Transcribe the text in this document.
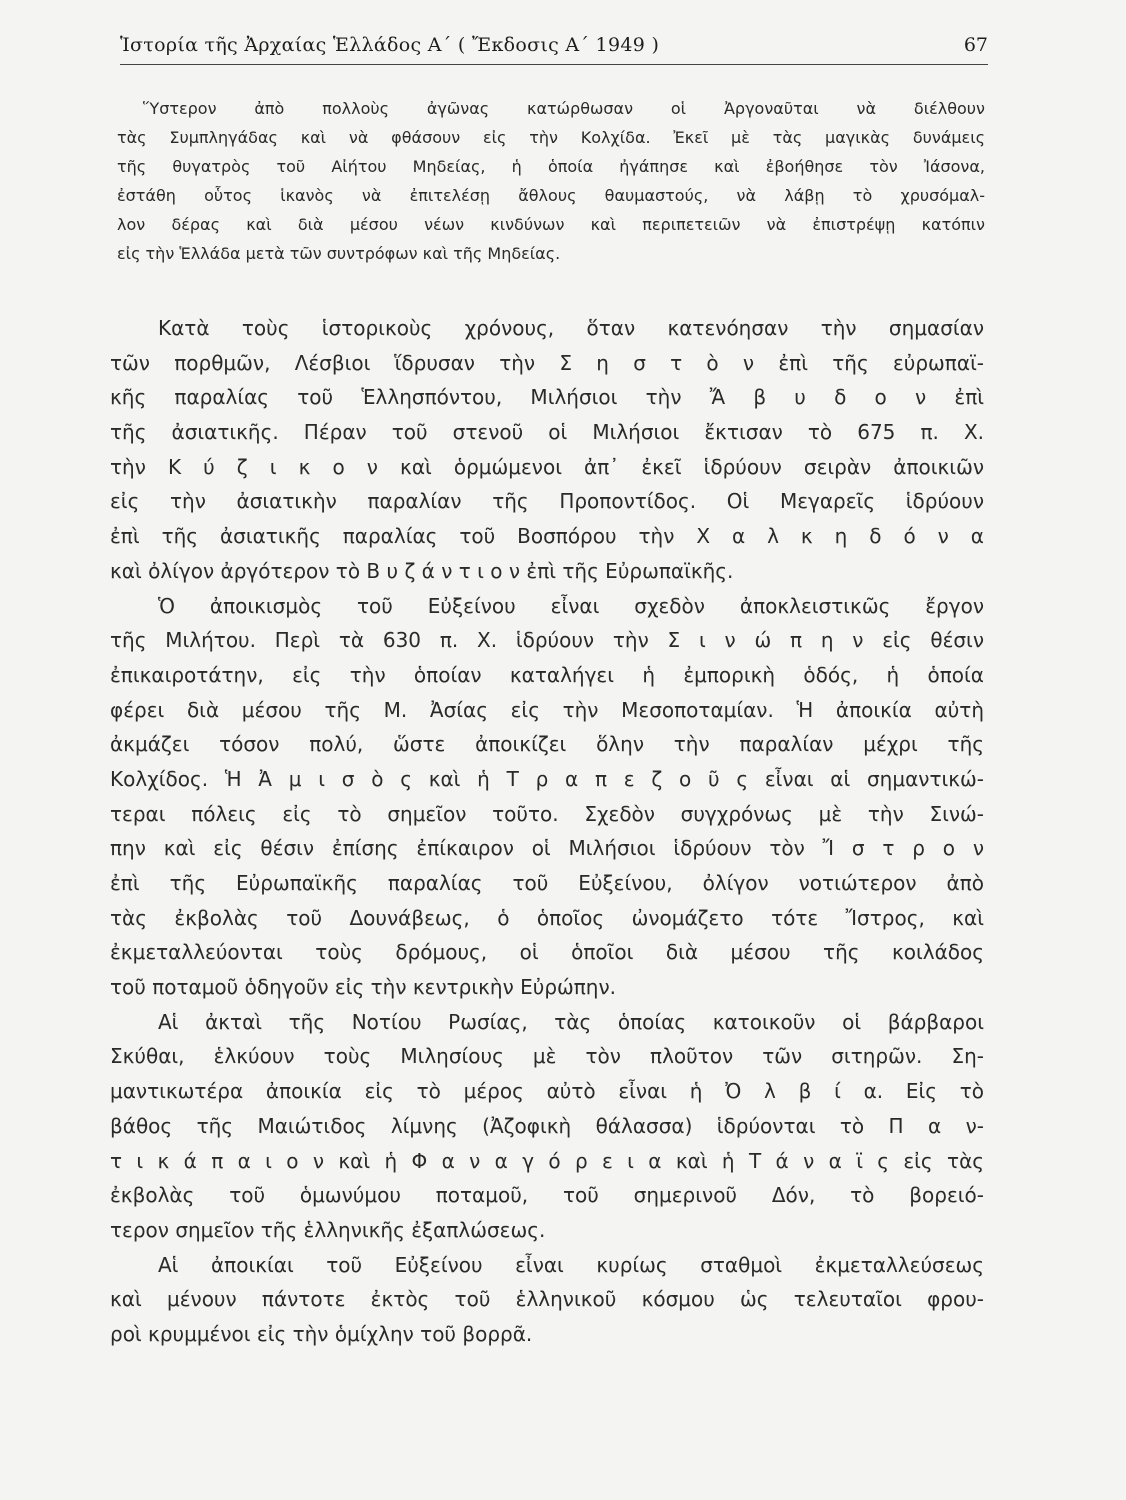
Ἱστορία τῆς Ἀρχαίας Ἑλλάδος Α΄ ( Ἔκδοσις Α΄ 1949 )	67
Ὕστερον ἀπὸ πολλοὺς ἀγῶνας κατώρθωσαν οἱ Ἀργοναῦται νὰ διέλθουν
τὰς Συμπληγάδας καὶ νὰ φθάσουν εἰς τὴν Κολχίδα. Ἐκεῖ μὲ τὰς μαγικὰς δυνάμεις
τῆς θυγατρὸς τοῦ Αἰήτου Μηδείας, ἡ ὁποία ἠγάπησε καὶ ἐβοήθησε τὸν Ἰάσονα,
ἐστάθη οὗτος ἱκανὸς νὰ ἐπιτελέσῃ ἄθλους θαυμαστούς, νὰ λάβῃ τὸ χρυσόμαλ-
λον δέρας καὶ διὰ μέσου νέων κινδύνων καὶ περιπετειῶν νὰ ἐπιστρέψῃ κατόπιν
εἰς τὴν Ἑλλάδα μετὰ τῶν συντρόφων καὶ τῆς Μηδείας.
Κατὰ τοὺς ἱστορικοὺς χρόνους, ὅταν κατενόησαν τὴν σημασίαν
τῶν πορθμῶν, Λέσβιοι ἵδρυσαν τὴν Σ η σ τ ὸ ν ἐπὶ τῆς εὐρωπαϊ-
κῆς παραλίας τοῦ Ἑλλησπόντου, Μιλήσιοι τὴν Ἄ β υ δ ο ν ἐπὶ
τῆς ἀσιατικῆς. Πέραν τοῦ στενοῦ οἱ Μιλήσιοι ἔκτισαν τὸ 675 π. Χ.
τὴν Κ ύ ζ ι κ ο ν καὶ ὁρμώμενοι ἀπ᾽ ἐκεῖ ἱδρύουν σειρὰν ἀποικιῶν
εἰς τὴν ἀσιατικὴν παραλίαν τῆς Προποντίδος. Οἱ Μεγαρεῖς ἱδρύουν
ἐπὶ τῆς ἀσιατικῆς παραλίας τοῦ Βοσπόρου τὴν Χ α λ κ η δ ό ν α
καὶ ὀλίγον ἀργότερον τὸ Β υ ζ ά ν τ ι ο ν ἐπὶ τῆς Εὐρωπαϊκῆς.
Ὁ ἀποικισμὸς τοῦ Εὐξείνου εἶναι σχεδὸν ἀποκλειστικῶς ἔργον
τῆς Μιλήτου. Περὶ τὰ 630 π. Χ. ἱδρύουν τὴν Σ ι ν ώ π η ν εἰς θέσιν
ἐπικαιροτάτην, εἰς τὴν ὁποίαν καταλήγει ἡ ἐμπορικὴ ὁδός, ἡ ὁποία
φέρει διὰ μέσου τῆς Μ. Ἀσίας εἰς τὴν Μεσοποταμίαν. Ἡ ἀποικία αὐτὴ
ἀκμάζει τόσον πολύ, ὥστε ἀποικίζει ὅλην τὴν παραλίαν μέχρι τῆς
Κολχίδος. Ἡ Ἀ μ ι σ ὸ ς καὶ ἡ Τ ρ α π ε ζ ο ῦ ς εἶναι αἱ σημαντικώ-
τεραι πόλεις εἰς τὸ σημεῖον τοῦτο. Σχεδὸν συγχρόνως μὲ τὴν Σινώ-
πην καὶ εἰς θέσιν ἐπίσης ἐπίκαιρον οἱ Μιλήσιοι ἱδρύουν τὸν Ἴ σ τ ρ ο ν
ἐπὶ τῆς Εὐρωπαϊκῆς παραλίας τοῦ Εὐξείνου, ὀλίγον νοτιώτερον ἀπὸ
τὰς ἐκβολὰς τοῦ Δουνάβεως, ὁ ὁποῖος ὠνομάζετο τότε Ἴστρος, καὶ
ἐκμεταλλεύονται τοὺς δρόμους, οἱ ὁποῖοι διὰ μέσου τῆς κοιλάδος
τοῦ ποταμοῦ ὁδηγοῦν εἰς τὴν κεντρικὴν Εὐρώπην.
Αἱ ἀκταὶ τῆς Νοτίου Ρωσίας, τὰς ὁποίας κατοικοῦν οἱ βάρβαροι
Σκύθαι, ἑλκύουν τοὺς Μιλησίους μὲ τὸν πλοῦτον τῶν σιτηρῶν. Ση-
μαντικωτέρα ἀποικία εἰς τὸ μέρος αὐτὸ εἶναι ἡ Ὀ λ β ί α. Εἰς τὸ
βάθος τῆς Μαιώτιδος λίμνης (Ἀζοφικὴ θάλασσα) ἱδρύονται τὸ Π α ν-
τ ι κ ά π α ι ο ν καὶ ἡ Φ α ν α γ ό ρ ε ι α καὶ ἡ Τ ά ν α ϊ ς εἰς τὰς
ἐκβολὰς τοῦ ὁμωνύμου ποταμοῦ, τοῦ σημερινοῦ Δόν, τὸ βορειό-
τερον σημεῖον τῆς ἑλληνικῆς ἐξαπλώσεως.
Αἱ ἀποικίαι τοῦ Εὐξείνου εἶναι κυρίως σταθμοὶ ἐκμεταλλεύσεως
καὶ μένουν πάντοτε ἐκτὸς τοῦ ἑλληνικοῦ κόσμου ὡς τελευταῖοι φρου-
ροὶ κρυμμένοι εἰς τὴν ὁμίχλην τοῦ βορρᾶ.
